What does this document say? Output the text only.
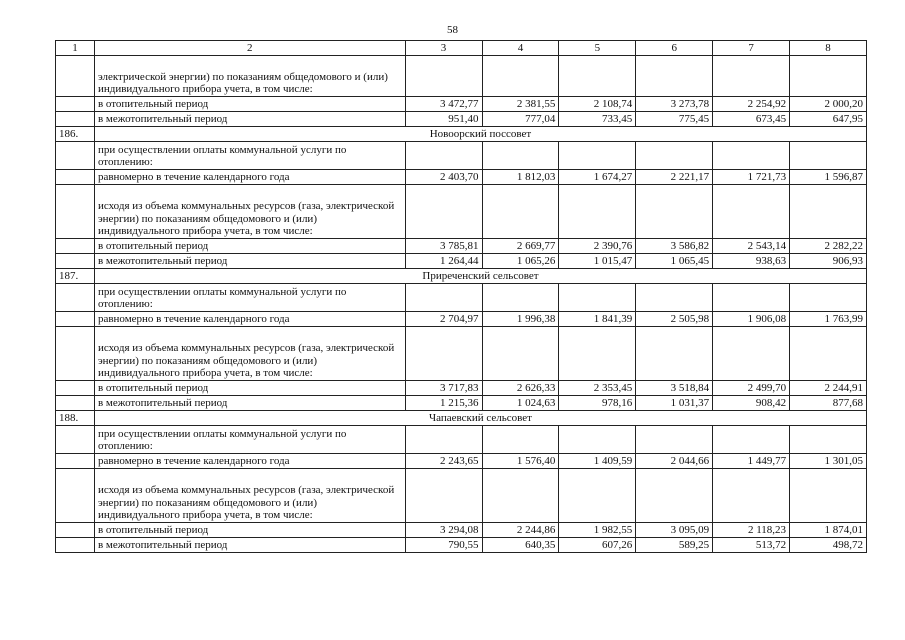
58
1	2	3	4	5	6	7	8
	электрической энергии) по показаниям общедомового и (или) индивидуального прибора учета, в том числе:						
	в отопительный период	3 472,77	2 381,55	2 108,74	3 273,78	2 254,92	2 000,20
	в межотопительный период	951,40	777,04	733,45	775,45	673,45	647,95
186.	Новоорский поссовет						
	при осуществлении оплаты коммунальной услуги по отоплению:						
	равномерно в течение календарного года	2 403,70	1 812,03	1 674,27	2 221,17	1 721,73	1 596,87
	исходя из объема коммунальных ресурсов (газа, электрической энергии) по показаниям общедомового и (или) индивидуального прибора учета, в том числе:						
	в отопительный период	3 785,81	2 669,77	2 390,76	3 586,82	2 543,14	2 282,22
	в межотопительный период	1 264,44	1 065,26	1 015,47	1 065,45	938,63	906,93
187.	Приреченский сельсовет						
	при осуществлении оплаты коммунальной услуги по отоплению:						
	равномерно в течение календарного года	2 704,97	1 996,38	1 841,39	2 505,98	1 906,08	1 763,99
	исходя из объема коммунальных ресурсов (газа, электрической энергии) по показаниям общедомового и (или) индивидуального прибора учета, в том числе:						
	в отопительный период	3 717,83	2 626,33	2 353,45	3 518,84	2 499,70	2 244,91
	в межотопительный период	1 215,36	1 024,63	978,16	1 031,37	908,42	877,68
188.	Чапаевский сельсовет						
	при осуществлении оплаты коммунальной услуги по отоплению:						
	равномерно в течение календарного года	2 243,65	1 576,40	1 409,59	2 044,66	1 449,77	1 301,05
	исходя из объема коммунальных ресурсов (газа, электрической энергии) по показаниям общедомового и (или) индивидуального прибора учета, в том числе:						
	в отопительный период	3 294,08	2 244,86	1 982,55	3 095,09	2 118,23	1 874,01
	в межотопительный период	790,55	640,35	607,26	589,25	513,72	498,72
